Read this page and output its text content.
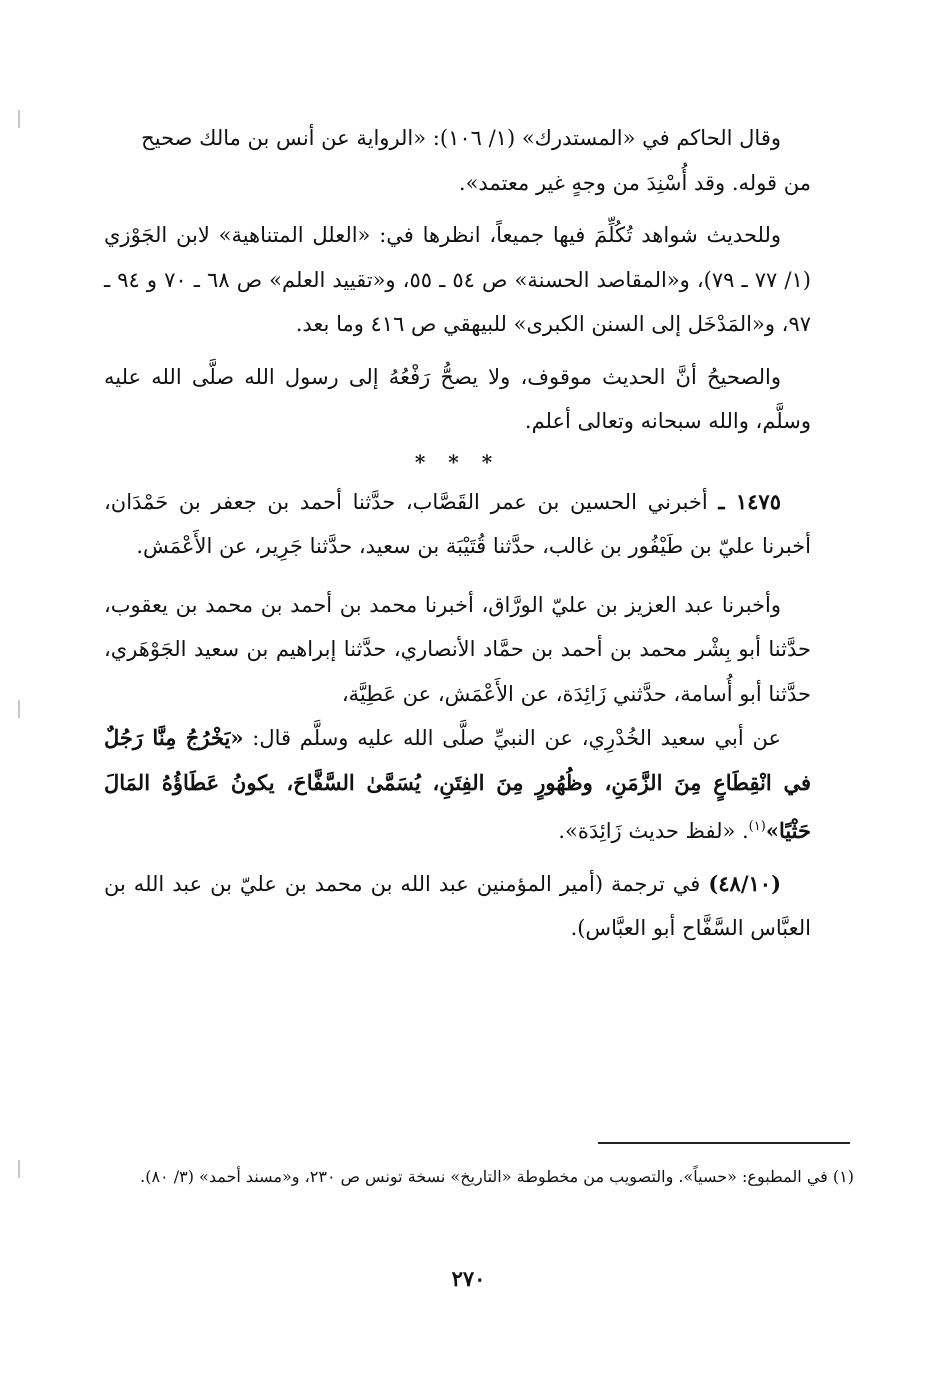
وقال الحاكم في «المستدرك» (١/ ١٠٦): «الرواية عن أنس بن مالك صحيح
من قوله. وقد أُسْنِدَ من وجهٍ غير معتمد».

وللحديث شواهد تُكُلِّمَ فيها جميعاً، انظرها في: «العلل المتناهية» لابن الجَوْزي (١/ ٧٧ ـ ٧٩)، و«المقاصد الحسنة» ص ٥٤ ـ ٥٥، و«تقييد العلم» ص ٦٨ ـ ٧٠ و ٩٤ ـ ٩٧، و«المَدْخَل إلى السنن الكبرى» للبيهقي ص ٤١٦ وما بعد.

والصحيحُ أنَّ الحديث موقوف، ولا يصحُّ رَفْعُهُ إلى رسول الله صلَّى الله عليه وسلَّم، والله سبحانه وتعالى أعلم.

* * *

١٤٧٥ ـ أخبرني الحسين بن عمر القَصَّاب، حدَّثنا أحمد بن جعفر بن حَمْدَان، أخبرنا عليّ بن طَيْفُور بن غالب، حدَّثنا قُتَيْبَة بن سعيد، حدَّثنا جَرِير، عن الأَعْمَش.

وأخبرنا عبد العزيز بن عليّ الورَّاق، أخبرنا محمد بن أحمد بن محمد بن يعقوب، حدَّثنا أبو بِشْر محمد بن أحمد بن حمَّاد الأنصاري، حدَّثنا إبراهيم بن سعيد الجَوْهَري، حدَّثنا أبو أُسامة، حدَّثني زَائِدَة، عن الأَعْمَش، عن عَطِيَّة،

عن أبي سعيد الخُدْرِي، عن النبيِّ صلَّى الله عليه وسلَّم قال: «يَخْرُجُ مِنَّا رَجُلٌ في انْقِطَاعٍ مِنَ الزَّمَنِ، وظُهُورٍ مِنَ الفِتَنِ، يُسَمَّىٰ السَّفَّاحَ، يكونُ عَطَاؤُهُ المَالَ حَثْيًا»$^{(١)}$. «لفظ حديث زَائِدَة».

(٤٨/١٠) في ترجمة (أمير المؤمنين عبد الله بن محمد بن عليّ بن عبد الله بن العبَّاس السَّفَّاح أبو العبَّاس).

(١) في المطبوع: «حسياً». والتصويب من مخطوطة «التاريخ» نسخة تونس ص ٢٣٠، و«مسند أحمد» (٣/ ٨٠).

٢٧٠
